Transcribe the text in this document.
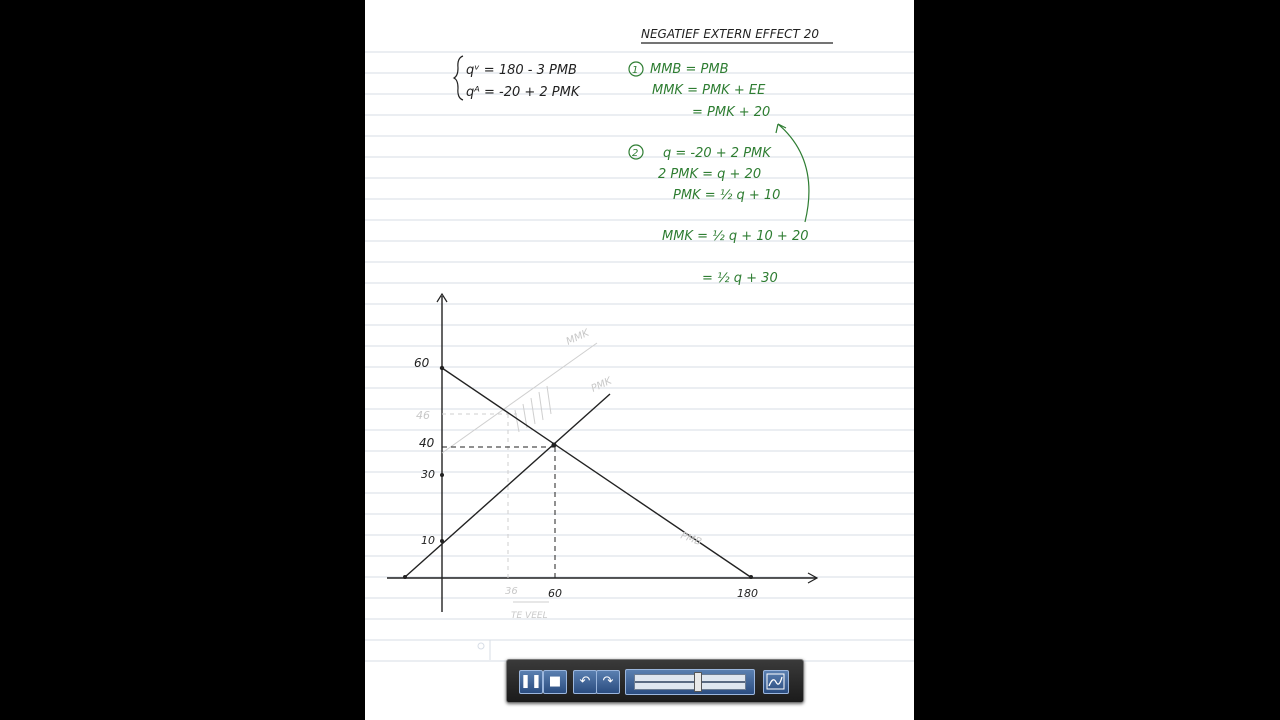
NEGATIEF EXTERN EFFECT 20
qᵛ = 180 - 3 PMB
qᴬ = -20 + 2 PMK
1 MMB = PMB
MMK = PMK + EE
= PMK + 20
2 q = -20 + 2 PMK
2 PMK = q + 20
PMK = ½ q + 10
MMK = ½ q + 10 + 20
= ½ q + 30
60
46
40
30
10
60	180
36
MMK
PMK
PMB
TE VEEL
❚❚ ■	↶ ↷
